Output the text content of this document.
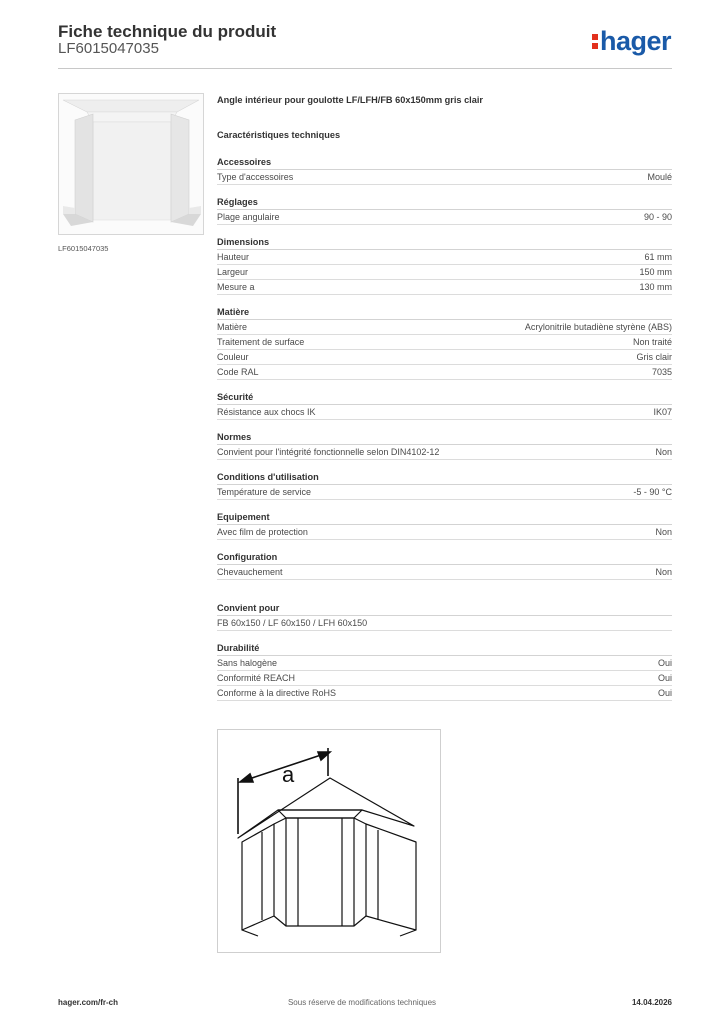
Fiche technique du produit
LF6015047035	hager
LF6015047035
Angle intérieur pour goulotte LF/LFH/FB 60x150mm gris clair
Caractéristiques techniques
Accessoires
Type d'accessoires	Moulé
Réglages
Plage angulaire	90 - 90
Dimensions
Hauteur	61 mm
Largeur	150 mm
Mesure a	130 mm
Matière
Matière	Acrylonitrile butadiène styrène (ABS)
Traitement de surface	Non traité
Couleur	Gris clair
Code RAL	7035
Sécurité
Résistance aux chocs IK	IK07
Normes
Convient pour l'intégrité fonctionnelle selon DIN4102-12	Non
Conditions d'utilisation
Température de service	-5 - 90 °C
Equipement
Avec film de protection	Non
Configuration
Chevauchement	Non
Convient pour
FB 60x150 / LF 60x150 / LFH 60x150
Durabilité
Sans halogène	Oui
Conformité REACH	Oui
Conforme à la directive RoHS	Oui
a
hager.com/fr-ch	Sous réserve de modifications techniques	14.04.2026
